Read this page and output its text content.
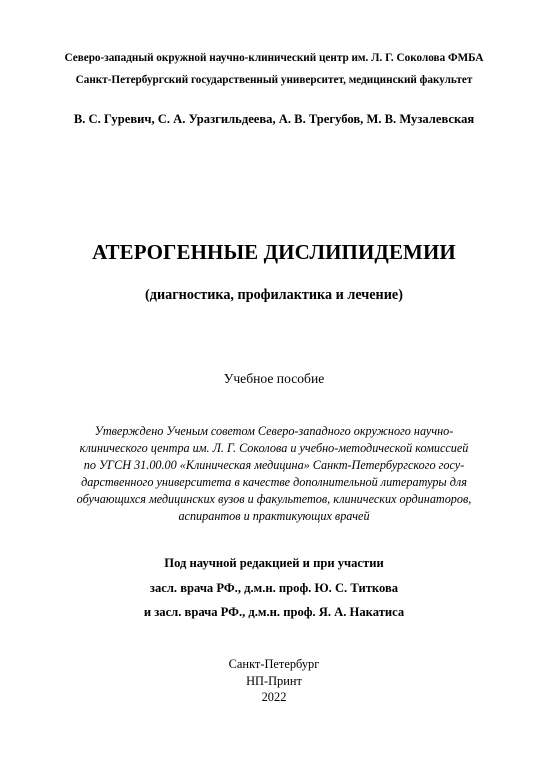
Северо-западный окружной научно-клинический центр им. Л. Г. Соколова ФМБА

Санкт-Петербургский государственный университет, медицинский факультет

В. С. Гуревич, С. А. Уразгильдеева, А. В. Трегубов, М. В. Музалевская

АТЕРОГЕННЫЕ ДИСЛИПИДЕМИИ

(диагностика, профилактика и лечение)

Учебное пособие

Утверждено Ученым советом Северо-западного окружного научно-

клинического центра им. Л. Г. Соколова и учебно-методической комиссией

по УГСН 31.00.00 «Клиническая медицина» Санкт-Петербургского госу-

дарственного университета в качестве дополнительной литературы для

обучающихся медицинских вузов и факультетов, клинических ординаторов,

аспирантов и практикующих врачей

Под научной редакцией и при участии

засл. врача РФ., д.м.н. проф. Ю. С. Титкова

и засл. врача РФ., д.м.н. проф. Я. А. Накатиса

Санкт-Петербург

НП-Принт

2022
